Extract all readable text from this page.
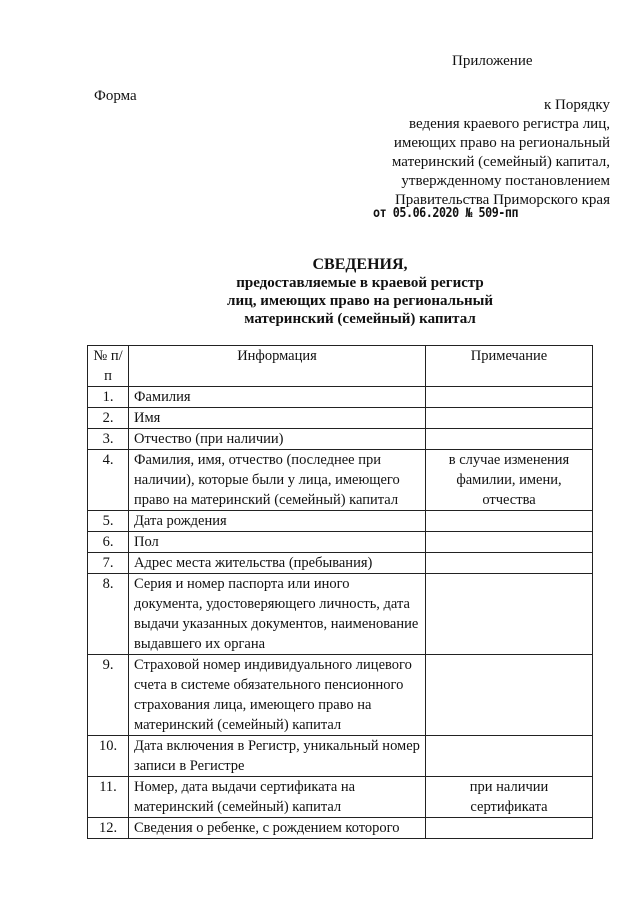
Приложение
Форма
к Порядку
ведения краевого регистра лиц,
имеющих право на региональный
материнский (семейный) капитал,
утвержденному постановлением
Правительства Приморского края
от 05.06.2020 № 509-пп
СВЕДЕНИЯ,
предоставляемые в краевой регистр
лиц, имеющих право на региональный
материнский (семейный) капитал
№ п/п	Информация	Примечание
1.	Фамилия	
2.	Имя	
3.	Отчество (при наличии)	
4.	Фамилия, имя, отчество (последнее при наличии), которые были у лица, имеющего право на материнский (семейный) капитал	в случае изменения фамилии, имени, отчества
5.	Дата рождения	
6.	Пол	
7.	Адрес места жительства (пребывания)	
8.	Серия и номер паспорта или иного документа, удостоверяющего личность, дата выдачи указанных документов, наименование выдавшего их органа	
9.	Страховой номер индивидуального лицевого счета в системе обязательного пенсионного страхования лица, имеющего право на материнский (семейный) капитал	
10.	Дата включения в Регистр, уникальный номер записи в Регистре	
11.	Номер, дата выдачи сертификата на материнский (семейный) капитал	при наличии сертификата
12.	Сведения о ребенке, с рождением которого	
